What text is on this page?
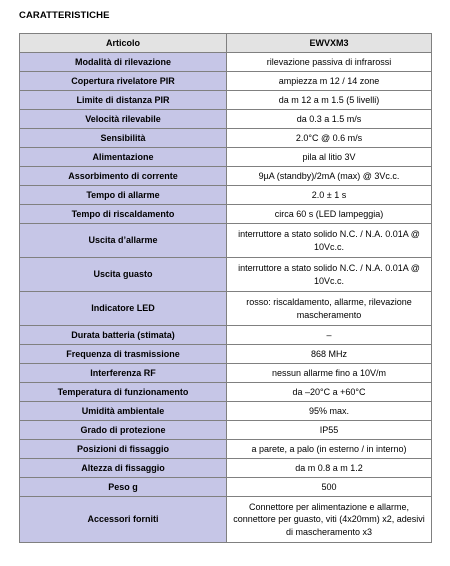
CARATTERISTICHE
Articolo	EWVXM3
Modalità di rilevazione	rilevazione passiva di infrarossi
Copertura rivelatore PIR	ampiezza m 12 / 14 zone
Limite di distanza PIR	da m 12 a m 1.5 (5 livelli)
Velocità rilevabile	da 0.3 a 1.5 m/s
Sensibilità	2.0°C @ 0.6 m/s
Alimentazione	pila al litio 3V
Assorbimento di corrente	9µA (standby)/2mA (max) @ 3Vc.c.
Tempo di allarme	2.0 ± 1 s
Tempo di riscaldamento	circa 60 s (LED lampeggia)
Uscita d’allarme	interruttore a stato solido N.C. / N.A. 0.01A @ 10Vc.c.
Uscita guasto	interruttore a stato solido N.C. / N.A. 0.01A @ 10Vc.c.
Indicatore LED	rosso: riscaldamento, allarme, rilevazione mascheramento
Durata batteria (stimata)	–
Frequenza di trasmissione	868 MHz
Interferenza RF	nessun allarme fino a 10V/m
Temperatura di funzionamento	da –20°C a +60°C
Umidità ambientale	95% max.
Grado di protezione	IP55
Posizioni di fissaggio	a parete, a palo (in esterno / in interno)
Altezza di fissaggio	da m 0.8 a m 1.2
Peso g	500
Accessori forniti	Connettore per alimentazione e allarme, connettore per guasto, viti (4x20mm) x2, adesivi di mascheramento x3
